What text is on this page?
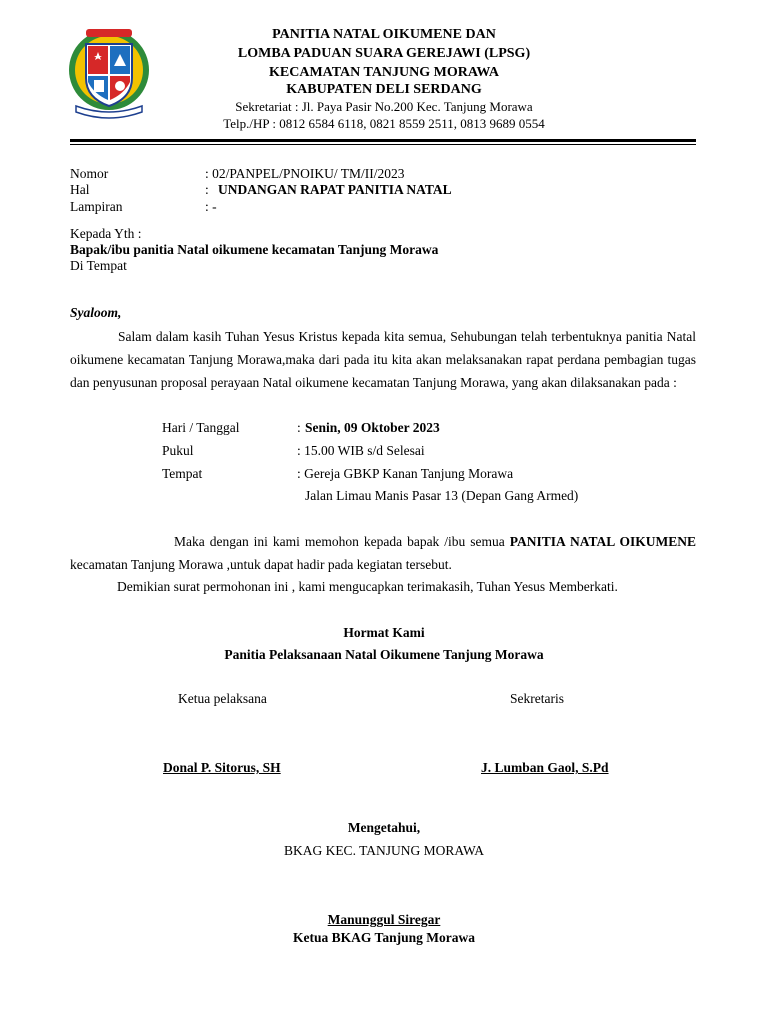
PANITIA NATAL OIKUMENE DAN
LOMBA PADUAN SUARA GEREJAWI (LPSG)
KECAMATAN TANJUNG MORAWA
KABUPATEN DELI SERDANG
Sekretariat : Jl. Paya Pasir No.200 Kec. Tanjung Morawa
Telp./HP : 0812 6584 6118, 0821 8559 2511, 0813 9689 0554
Nomor	: 02/PANPEL/PNOIKU/ TM/II/2023
Hal	: UNDANGAN RAPAT PANITIA NATAL
Lampiran	: -
Kepada Yth :
Bapak/ibu panitia Natal oikumene kecamatan Tanjung Morawa
Di Tempat
Syaloom,

Salam dalam kasih Tuhan Yesus Kristus kepada kita semua, Sehubungan telah terbentuknya panitia Natal oikumene kecamatan Tanjung Morawa,maka dari pada itu kita akan melaksanakan rapat perdana pembagian tugas dan penyusunan proposal perayaan Natal oikumene kecamatan Tanjung Morawa, yang akan dilaksanakan pada :

Hari / Tanggal	: Senin, 09 Oktober 2023
Pukul	: 15.00 WIB s/d Selesai
Tempat	: Gereja GBKP Kanan Tanjung Morawa
Jalan Limau Manis Pasar 13 (Depan Gang Armed)

Maka dengan ini kami memohon kepada bapak /ibu semua PANITIA NATAL OIKUMENE kecamatan Tanjung Morawa ,untuk dapat hadir pada kegiatan tersebut.

Demikian surat permohonan ini , kami mengucapkan terimakasih, Tuhan Yesus Memberkati.
Hormat Kami
Panitia Pelaksanaan Natal Oikumene Tanjung Morawa
Ketua pelaksana	Sekretaris
Donal P. Sitorus, SH	J. Lumban Gaol, S.Pd
Mengetahui,
BKAG KEC. TANJUNG MORAWA
Manunggul Siregar
Ketua BKAG Tanjung Morawa
